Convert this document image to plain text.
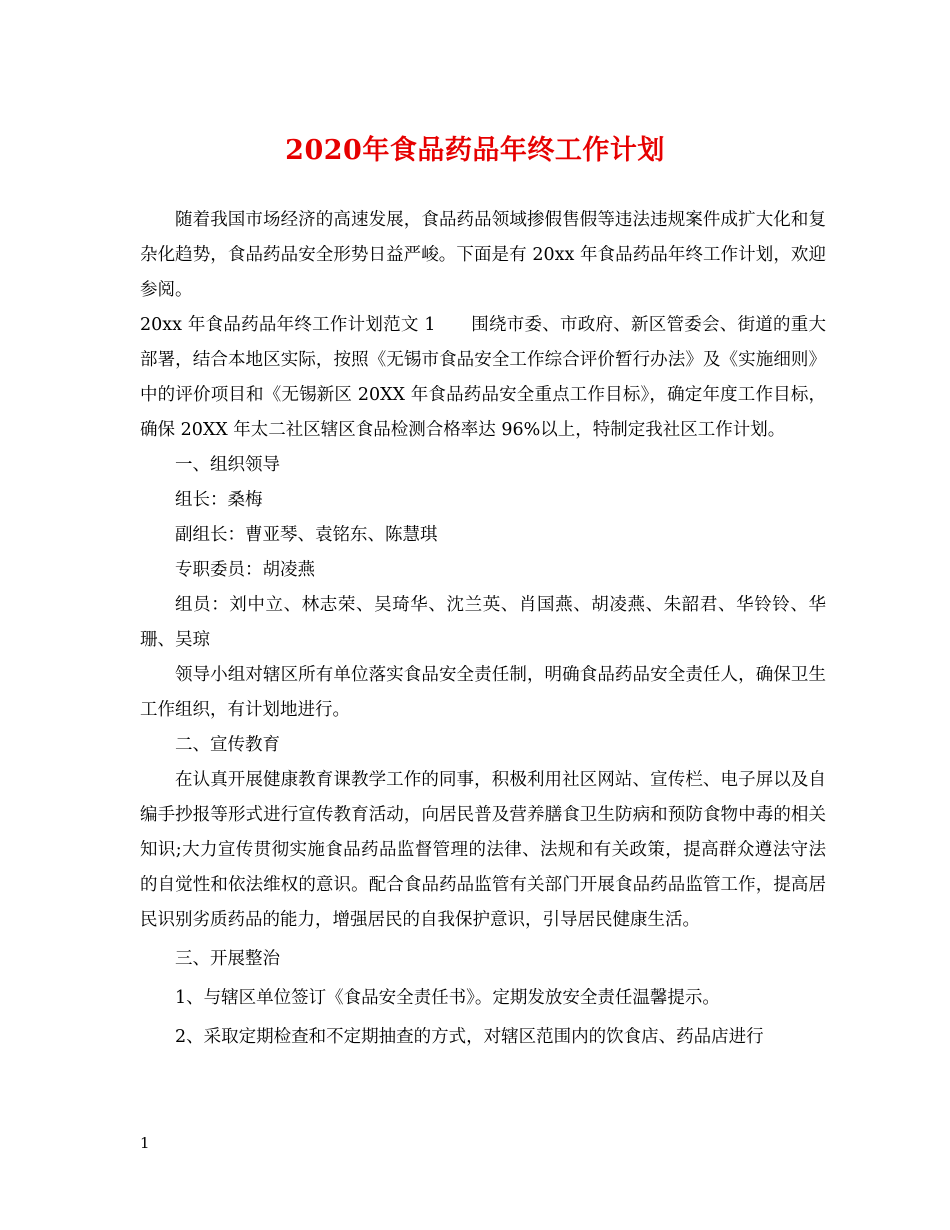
2020年食品药品年终工作计划

随着我国市场经济的高速发展，食品药品领域掺假售假等违法违规案件成扩大化和复杂化趋势，食品药品安全形势日益严峻。下面是有 20xx 年食品药品年终工作计划，欢迎参阅。

20xx 年食品药品年终工作计划范文 1　　围绕市委、市政府、新区管委会、街道的重大部署，结合本地区实际，按照《无锡市食品安全工作综合评价暂行办法》及《实施细则》中的评价项目和《无锡新区 20XX 年食品药品安全重点工作目标》，确定年度工作目标，确保 20XX 年太二社区辖区食品检测合格率达 96%以上，特制定我社区工作计划。

一、组织领导

组长：桑梅

副组长：曹亚琴、袁铭东、陈慧琪

专职委员：胡凌燕

组员：刘中立、林志荣、吴琦华、沈兰英、肖国燕、胡凌燕、朱韶君、华铃铃、华珊、吴琼

领导小组对辖区所有单位落实食品安全责任制，明确食品药品安全责任人，确保卫生工作组织，有计划地进行。

二、宣传教育

在认真开展健康教育课教学工作的同事，积极利用社区网站、宣传栏、电子屏以及自编手抄报等形式进行宣传教育活动，向居民普及营养膳食卫生防病和预防食物中毒的相关知识;大力宣传贯彻实施食品药品监督管理的法律、法规和有关政策，提高群众遵法守法的自觉性和依法维权的意识。配合食品药品监管有关部门开展食品药品监管工作，提高居民识别劣质药品的能力，增强居民的自我保护意识，引导居民健康生活。

三、开展整治

1、与辖区单位签订《食品安全责任书》。定期发放安全责任温馨提示。

2、采取定期检查和不定期抽查的方式，对辖区范围内的饮食店、药品店进行

1
